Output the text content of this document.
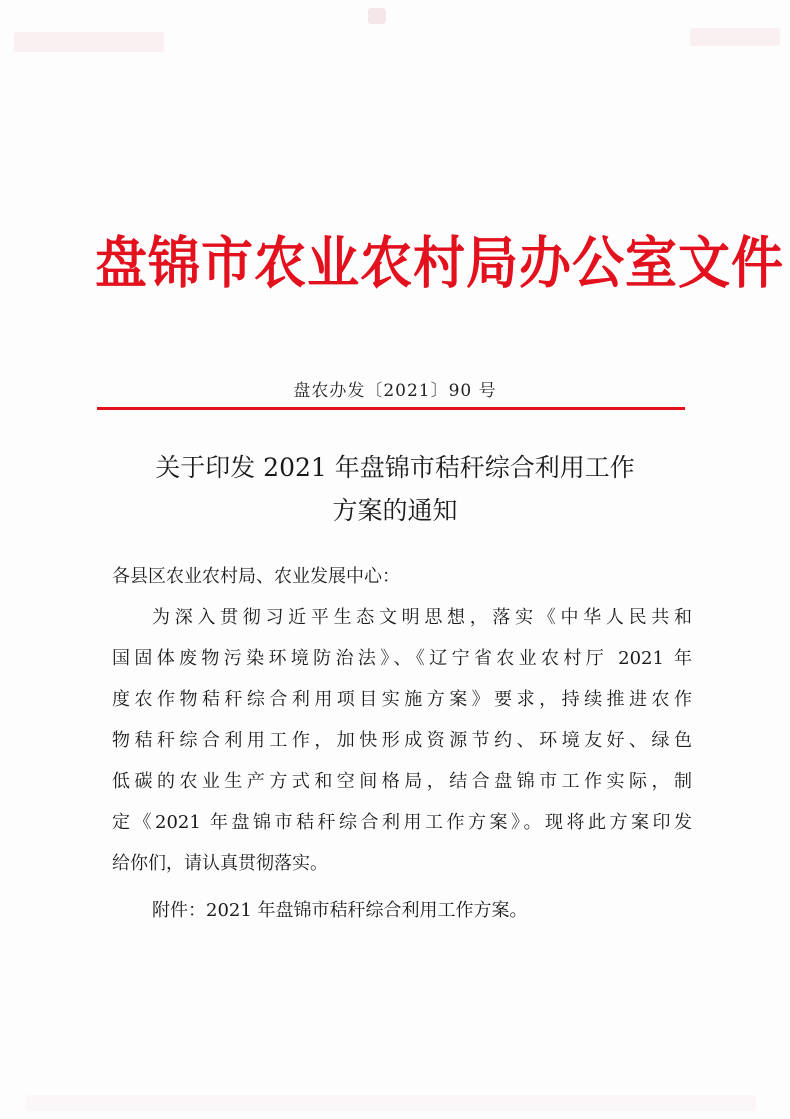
盘锦市农业农村局办公室文件
盘农办发〔2021〕90 号
关于印发 2021 年盘锦市秸秆综合利用工作
方案的通知
各县区农业农村局、农业发展中心：
为深入贯彻习近平生态文明思想，落实《中华人民共和
国固体废物污染环境防治法》、《辽宁省农业农村厅 2021 年
度农作物秸秆综合利用项目实施方案》要求，持续推进农作
物秸秆综合利用工作，加快形成资源节约、环境友好、绿色
低碳的农业生产方式和空间格局，结合盘锦市工作实际，制
定《2021 年盘锦市秸秆综合利用工作方案》。现将此方案印发
给你们，请认真贯彻落实。
附件：2021 年盘锦市秸秆综合利用工作方案。
